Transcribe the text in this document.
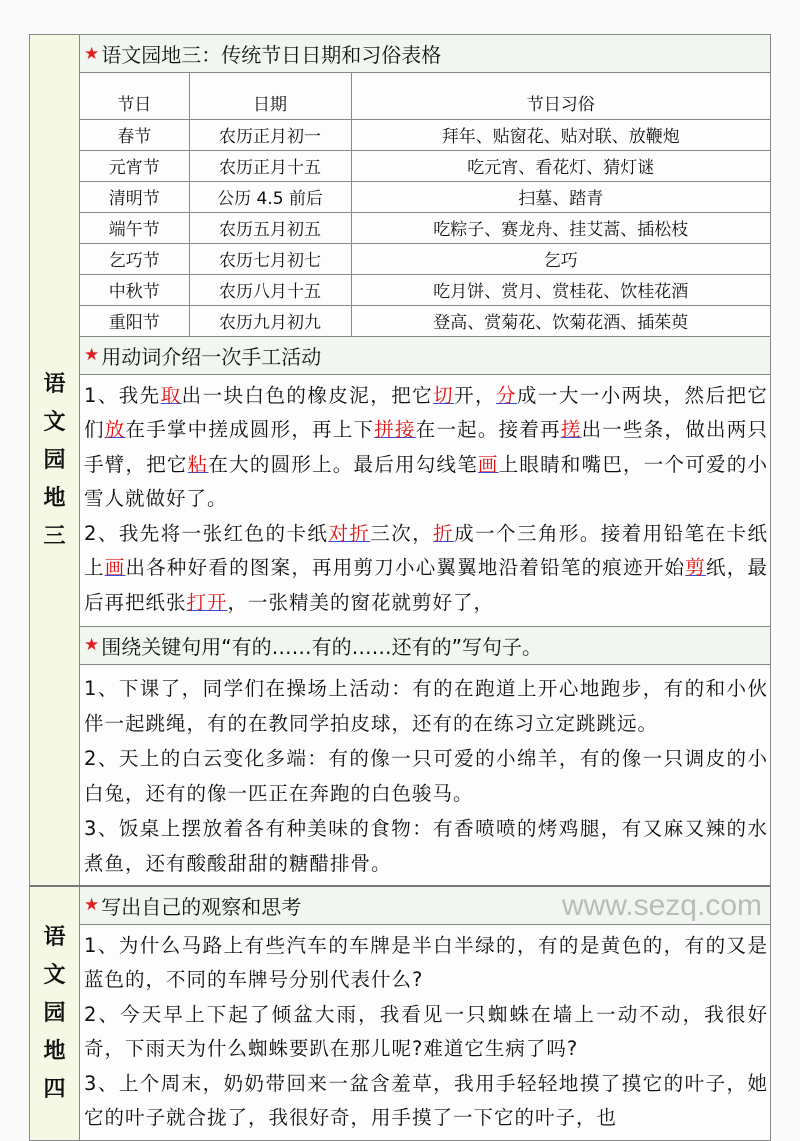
语文园地三
★ 语文园地三：传统节日日期和习俗表格
节日	日期	节日习俗
春节	农历正月初一	拜年、贴窗花、贴对联、放鞭炮
元宵节	农历正月十五	吃元宵、看花灯、猜灯谜
清明节	公历 4.5 前后	扫墓、踏青
端午节	农历五月初五	吃粽子、赛龙舟、挂艾蒿、插松枝
乞巧节	农历七月初七	乞巧
中秋节	农历八月十五	吃月饼、赏月、赏桂花、饮桂花酒
重阳节	农历九月初九	登高、赏菊花、饮菊花酒、插茱萸
★ 用动词介绍一次手工活动
1、我先取出一块白色的橡皮泥，把它切开，分成一大一小两块，然后把它们放在手掌中搓成圆形，再上下拼接在一起。接着再搓出一些条，做出两只手臂，把它粘在大的圆形上。最后用勾线笔画上眼睛和嘴巴，一个可爱的小雪人就做好了。
2、我先将一张红色的卡纸对折三次，折成一个三角形。接着用铅笔在卡纸上画出各种好看的图案，再用剪刀小心翼翼地沿着铅笔的痕迹开始剪纸，最后再把纸张打开，一张精美的窗花就剪好了，
★ 围绕关键句用“有的……有的……还有的”写句子。
1、下课了，同学们在操场上活动：有的在跑道上开心地跑步，有的和小伙伴一起跳绳，有的在教同学拍皮球，还有的在练习立定跳跳远。
2、天上的白云变化多端：有的像一只可爱的小绵羊，有的像一只调皮的小白兔，还有的像一匹正在奔跑的白色骏马。
3、饭桌上摆放着各有种美味的食物：有香喷喷的烤鸡腿，有又麻又辣的水煮鱼，还有酸酸甜甜的糖醋排骨。
语文园地四
★ 写出自己的观察和思考	www.sezq.com
1、为什么马路上有些汽车的车牌是半白半绿的，有的是黄色的，有的又是蓝色的，不同的车牌号分别代表什么?
2、今天早上下起了倾盆大雨，我看见一只蜘蛛在墙上一动不动，我很好奇，下雨天为什么蜘蛛要趴在那儿呢?难道它生病了吗?
3、上个周末，奶奶带回来一盆含羞草，我用手轻轻地摸了摸它的叶子，她它的叶子就合拢了，我很好奇，用手摸了一下它的叶子，也
